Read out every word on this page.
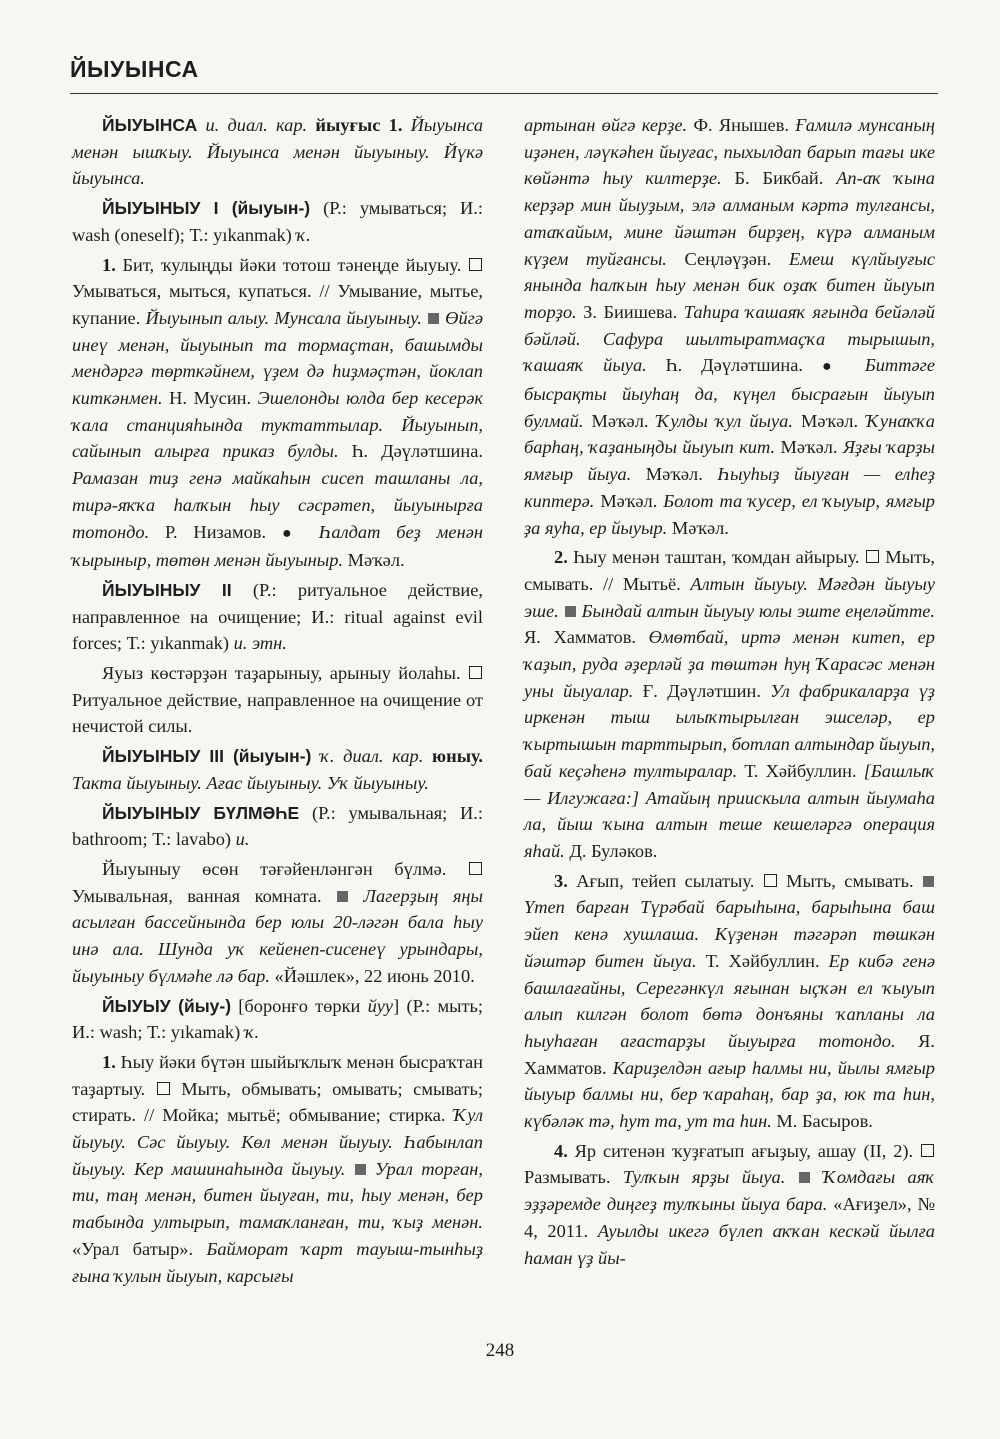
ЙЫУЫНСА

ЙЫУЫНСА и. диал. кар. йыуғыс 1. Йыуынса менән ышҡыу. Йыуынса менән йыуыныу. Йүкә йыуынса.

ЙЫУЫНЫУ I (йыуын-) (Р.: умываться; И.: wash (oneself); Т.: yıkanmak) ҡ.

1. Бит, ҡулыңды йәки тотош тәнеңде йыуыу.  Умываться, мыться, купаться. // Умывание, мытье, купание. Йыуынып алыу. Мунсала йыуыныу. Өйгә инеү менән, йыуынып та тормаҫтан, башымды мендәргә төрткәйнем, үҙем дә һиҙмәҫтән, йоклап киткәнмен. Н. Мусин. Эшелонды юлда бер кесерәк ҡала станцияһында туктаттылар. Йыуынып, сайынып алырға приказ булды. Һ. Дәүләтшина. Рамазан тиҙ генә майкаһын сисеп ташланы ла, тирә-яҡҡа һалҡын һыу сәсрәтеп, йыуынырға тотондо. Р. Низамов. ● Һалдат беҙ менән ҡырыныр, төтөн менән йыуыныр. Мәҡәл.

ЙЫУЫНЫУ II (Р.: ритуальное действие, направленное на очищение; И.: ritual against evil forces; Т.: yıkanmak) и. этн.

Яуыз көстәрҙән таҙарыныу, арыныу йолаһы.  Ритуальное действие, направленное на очищение от нечистой силы.

ЙЫУЫНЫУ III (йыуын-) ҡ. диал. кар. юныу. Такта йыуыныу. Ағас йыуыныу. Уҡ йыуыныу.

ЙЫУЫНЫУ БҮЛМӘҺЕ (Р.: умывальная; И.: bathroom; Т.: lavabo) и.

Йыуыныу өсөн тәғәйенләнгән бүлмә.  Умывальная, ванная комната.  Лагерҙың яңы асылған бассейнында бер юлы 20-ләгән бала һыу инә ала. Шунда уҡ кейенеп-сисенеү урындары, йыуыныу бүлмәһе лә бар. «Йәшлек», 22 июнь 2010.

ЙЫУЫУ (йыу-) [боронғо төрки йуу] (Р.: мыть; И.: wash; Т.: yıkamak) ҡ.

1. Һыу йәки бүтән шыйыҡлыҡ менән бысраҡтан таҙартыу.  Мыть, обмывать; омывать; смывать; стирать. // Мойка; мытьё; обмывание; стирка. Ҡул йыуыу. Сәс йыуыу. Көл менән йыуыу. Һабынлап йыуыу. Кер машинаһында йыуыу. Урал торған, ти, таң менән, битен йыуған, ти, һыу менән, бер табында ултырып, тамаҡланған, ти, ҡыҙ менән. «Урал батыр». Байморат ҡарт тауыш-тынһыҙ ғына ҡулын йыуып, карсығы

артынан өйгә керҙе. Ф. Янышев. Ғамилә мунсаның иҙәнен, ләүкәһен йыуғас, пыхылдап барып тағы ике көйәнтә һыу килтерҙе. Б. Бикбай. Ап-аҡ ҡына керҙәр мин йыуҙым, элә алманым кәртә тулғансы, атаҡайым, мине йәштән бирҙең, күрә алманым күҙем туйғансы. Сеңләүҙән. Емеш күлйыуғыс янында һалҡын һыу менән бик оҙаҡ битен йыуып торҙо. З. Биишева. Таһира ҡашаяҡ яғында бейәләй бәйләй. Сафура шылтыратмаҫҡа тырышып, ҡашаяҡ йыуа. Һ. Дәүләтшина. ● Биттәге бысрақты йыуһаң да, күңел бысрағын йыуып булмай. Мәҡәл. Ҡулды ҡул йыуа. Мәҡәл. Ҡунаҡҡа барһаң, ҡаҙаныңды йыуып кит. Мәҡәл. Яҙғы ҡарҙы ямғыр йыуа. Мәҡәл. Һыуһыҙ йыуған — елһеҙ киптерә. Мәҡәл. Болот та ҡусер, ел ҡыуыр, ямғыр ҙа яуһа, ер йыуыр. Мәҡәл.

2. Һыу менән таштан, ҡомдан айырыу.  Мыть, смывать. // Мытьё. Алтын йыуыу. Мәғдән йыуыу эше. Бындай алтын йыуыу юлы эште еңеләйтте. Я. Хамматов. Өмөтбай, иртә менән китеп, ер ҡаҙып, руда әҙерләй ҙа төштән һуң Ҡарасәс менән уны йыуалар. Ғ. Дәүләтшин. Ул фабрикаларҙа үҙ иркенән тыш ылыҡтырылған эшселәр, ер ҡыртышын тарттырып, ботлап алтындар йыуып, бай кеҫәһенә тултыралар. Т. Хәйбуллин. [Башлыҡ — Илгужаға:] Атайың приискыла алтын йыумаһа ла, йыш ҡына алтын теше кешеләргә операция яһай. Д. Буләков.

3. Ағып, тейеп сылатыу.  Мыть, смывать.  Үтеп барған Түрәбай барыһына, барыһына баш эйеп кенә хушлаша. Күҙенән тәгәрәп төшкән йәштәр битен йыуа. Т. Хәйбуллин. Ер кибә генә башлағайны, Серегәнкүл яғынан ыҫҡән ел ҡыуып алып килгән болот бөтә донъяны ҡапланы ла һыуһаған ағастарҙы йыуырға тотондо. Я. Хамматов. Кариҙелдән ағыр һалмы ни, йылы ямғыр йыуыр балмы ни, бер ҡараһаң, бар ҙа, юк та һин, күбәләк тә, һут та, ут та һин. М. Басыров.

4. Яр ситенән ҡуҙғатып ағыҙыу, ашау (II, 2).  Размывать. Тулҡын ярҙы йыуа. Ҡомдағы аяҡ эҙҙәремде диңгеҙ тулҡыны йыуа бара. «Ағиҙел», № 4, 2011. Ауылды икегә бүлеп аҡҡан кескәй йылға һаман үҙ йы-

248
